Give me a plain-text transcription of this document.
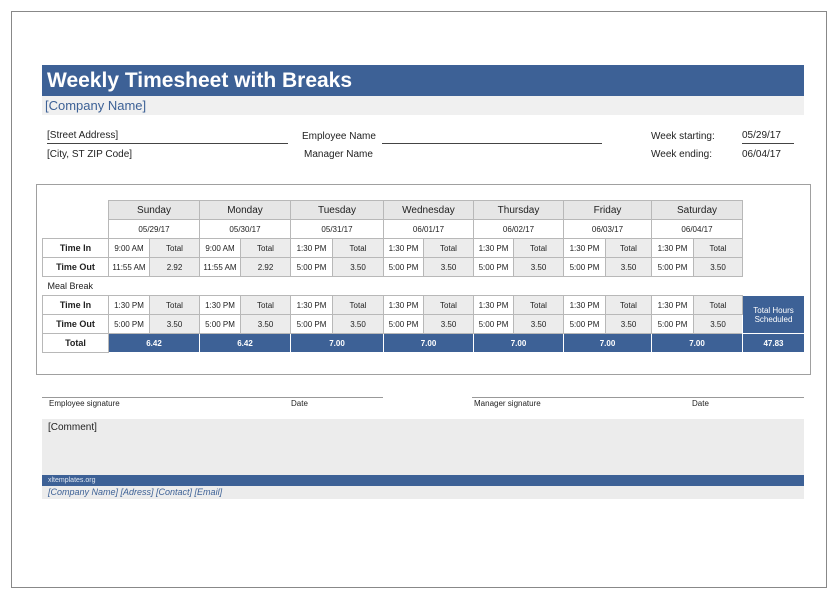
Weekly Timesheet with Breaks
[Company Name]
[Street Address]
[City, ST ZIP Code]
Employee Name
Manager Name
Week starting:	05/29/17
Week ending:	06/04/17
	Sunday		Monday		Tuesday		Wednesday		Thursday		Friday		Saturday		
	05/29/17		05/30/17		05/31/17		06/01/17		06/02/17		06/03/17		06/04/17		
Time In	9:00 AM	Total	9:00 AM	Total	1:30 PM	Total	1:30 PM	Total	1:30 PM	Total	1:30 PM	Total	1:30 PM	Total	
Time Out	11:55 AM	2.92	11:55 AM	2.92	5:00 PM	3.50	5:00 PM	3.50	5:00 PM	3.50	5:00 PM	3.50	5:00 PM	3.50	
Meal Break															
Time In	1:30 PM	Total	1:30 PM	Total	1:30 PM	Total	1:30 PM	Total	1:30 PM	Total	1:30 PM	Total	1:30 PM	Total	Total Hours Scheduled
Time Out	5:00 PM	3.50	5:00 PM	3.50	5:00 PM	3.50	5:00 PM	3.50	5:00 PM	3.50	5:00 PM	3.50	5:00 PM	3.50	
Total	6.42		6.42		7.00		7.00		7.00		7.00		7.00		47.83
Employee signature	Date	Manager signature	Date
[Comment]
xltemplates.org
[Company Name] [Adress] [Contact] [Email]
